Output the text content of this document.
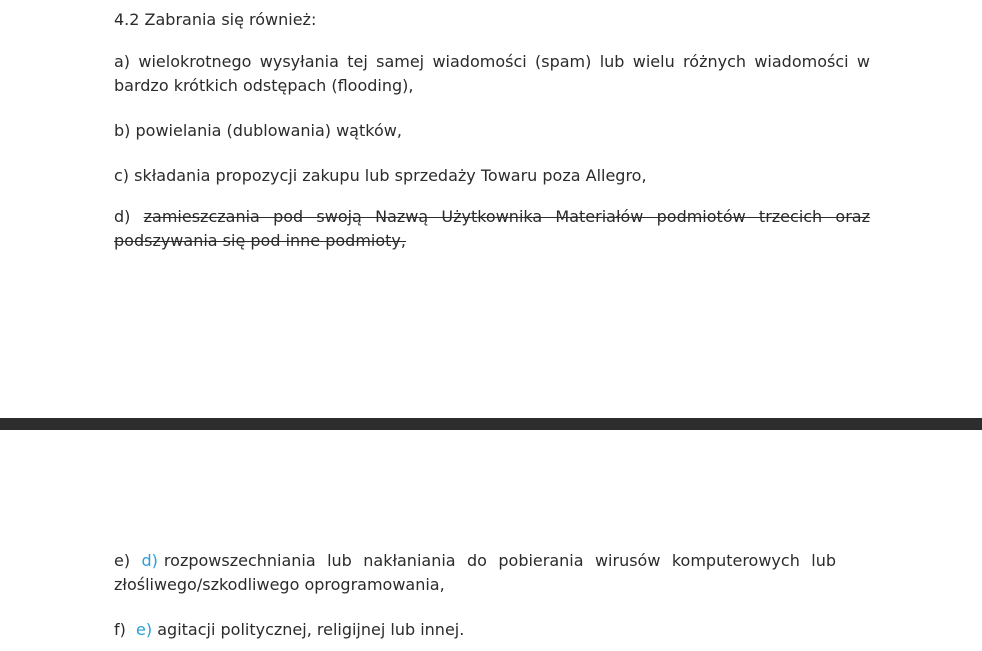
4.2 Zabrania się również:

a) wielokrotnego wysyłania tej samej wiadomości (spam) lub wielu różnych wiadomości w bardzo krótkich odstępach (flooding),

b) powielania (dublowania) wątków,

c) składania propozycji zakupu lub sprzedaży Towaru poza Allegro,

d) zamieszczania pod swoją Nazwą Użytkownika Materiałów podmiotów trzecich oraz podszywania się pod inne podmioty,

e) d) rozpowszechniania lub nakłaniania do pobierania wirusów komputerowych lub złośliwego/szkodliwego oprogramowania,

f) e) agitacji politycznej, religijnej lub innej.
